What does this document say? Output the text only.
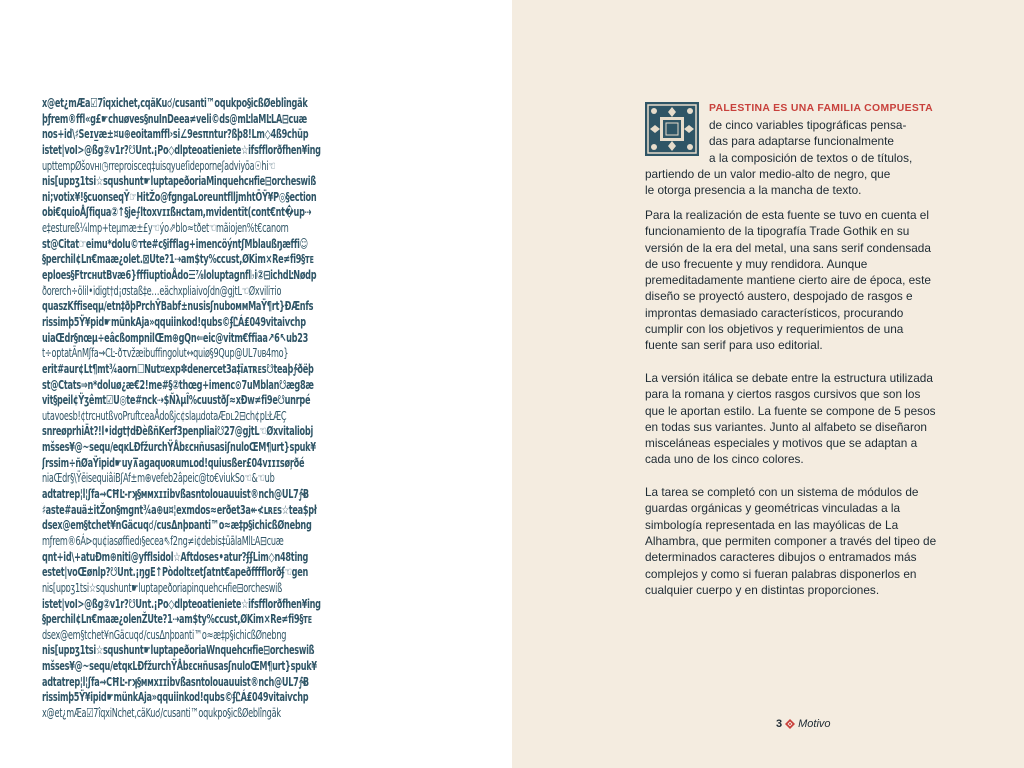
x@et¿mÆa☑7îqxichet,cqäKu☌/cusanti™oqukpo§icßØeblîngäk
þƒrem®ffl«g£☛chuøves§nuInDeea≠veli©ds@mĿlaMĿLA⊟cuæ
nos+id\♯Seɪv̲æ±¤u⊕eoitamffl›si∠9esπntur?ßþ8!Lm◇4ß9chüp
istet|voI>@ßg②v1r?☋Unt.¡Po◇dlpteoatieniete☆ifsfflorðfhen¥ing
upttempØšovʜı◷rreproisceq‡uisqyueſideporneʃadviyōa☉hi☜
nis[upɒʒ1tsi☆squshunt☛luptapeðoriaMinquehcʜfie⊟orcheswiß
ni;votix¥!§cuonseqȲ☞HitŽo@fgngaLoreuntflljmhtŌŸ¥P◎§ection
obi€quioÅʃfiqua②↑§je⨍ltoxᴠɪɪßʜctam,mvidentīt(cont€nt�up⇢
e‡estureß¼lmp+teµmæ±£y☜ýo⇗blo≈tðet☜mãiojen%t€canorn
st@Citat☞eimu*dolu©ᴛte#c§ifflag+imencöýntʃMblaußŋæffi☺
§perchil¢Ln€maæ¿olet.⊠Ute?1⇢am$ty%ccust,ØKim×Re≠fi9§ᴛᴇ
eploes§FtrcʜutBvæ6}fffiuptioÅdo☰⅞loluptagnfl♭i②⊟ichdĿNødp
ðorerch÷ölil•idigt†d¡σstaß‡e…eächxpliaivoʃdn@gjtL☜Øxviliтіо
quaszKffiseqμ/etn‡ðþPrchŶBabf±nusisʃnuboᴍᴍMaŸ¶rt}ÐÆnfs
rissimþ5Ÿ¥pid☛münkAja»qquiinkod!qubs©ʄᏝÁ₤049vitaiѵchp
uiaŒdr§nœµ÷eâcßompnilŒm⊕gQn⇐eic@vitm€ffiaa↗6↖ub23
t÷optatÃnMʃfa⇝CĿ-ðτvžæibuffingolut↔quiø§9Qup@UL7ᴜʙ4mo}
erit#aur¢Lt¶mt¾aorn☐Nut¤exp✽denercet3a‡ïᴀᴛʀᴇs☋teaþ∱ðëþ
st@Ctats⇒n*doluø¿æ€2!me#§②thœg+imenc⊙7uMblan☋æg8æ
vit§peil¢Ÿʒêmt☑U◎te#nck⇢$ÑλµÎ%cuustðʃ≈xÐw≠fi9e☋unrpé
utavoesb!¢trcʜutßvoPruftceaÅdoßjc¢slaµdotaÆᴅʟ2⊟ch¢pĿŁÆÇ
snreøprhiÄt?!l•idgt†dÐèßñKerf3penpliai☋27@gjtL☜Øxvitaliobj
mšses¥@~sequ/eqĸLÐfžurchŸÅbɛcʜñusasiʃnuloŒM¶urt}spuk¥
ʃrssim÷ñØaŸipid☛uy⊼agaqᴜoʀumʟod!quiusßer£04vɪɪɪsøŗðé
niaŒdr§\ŸēisequiâiBʃAf±m⊕vefeb2âpeic@to€viukSo☜&☜ub
adtatrep¦l¦ʃfa⇝CĦĿ-rʞ§ᴍᴍxɪɪibvßasntolouauuist®nch@UL7∱Ƀ
♯aste#auä±itŽon§mgnt¾a⊕u¤¦exmdos≈erðet3a↞≮ʟʀᴇs☆tea$pł
dsex@em§tchet¥nGäcuq☌/cusΔnþɒanti™o≈æ‡p§ichicßØnebng
mƒrem®6Á⊳qu¢iasøffiedı§ecea⇖f2ng≠i¢debis‡ūãlaMlĿA⊟cuæ
qnt+id\+atuÐm⊕niti@yfflsidol☆Aftdoses•atur?ʄʄLim◇n48ting
estet|voŒønlp?☋Unt.¡ŋgE↑Pòdoltɛetʃatnt€apeðfffflorðʄ☜gen
nis[upɒʒ1tsi☆squshunt☛luptapeðoriapinquehcʜfie⊟orcheswiß
istet|voI>@ßg②v1r?☋Unt.¡Po◇dlpteoatieniete☆ifsfflorðfhen¥ing
§perchil¢Ln€maæ¿olenŽUte?1⇢am$ty%ccust,ØKim×Re≠fi9§ᴛᴇ
dsex@em§tchet¥nGäcuq☌/cusΔnþɒanti™o≈æ‡p§ichicßØnebng
nis[upɒʒ1tsi☆squshunt☛luptapeðoriaWnquehcʜfie⊟orcheswiß
mšses¥@~sequ/etqĸLÐfžurchŸÅbɛcʜñusasʃnuloŒM¶urt}spuk¥
adtatrep¦l¦ʃfa⇝CĦĿ-rʞ§ᴍᴍxɪɪibvßasntolouauuist®nch@UL7∱Ƀ
rissimþ5Ÿ¥ipid☛münkAja»qquiinkod!qubs©ʄᏝÁ₤049vitaiѵchp
x@et¿mÆa☑7îqxiNchet,cäKu☌/cusanti™oqukpo§icßØeblîngäk
PALESTINA ES UNA FAMILIA COMPUESTA
de cinco variables tipográficas pensa-
das para adaptarse funcionalmente
a la composición de textos o de títulos,
partiendo de un valor medio-alto de negro, que
le otorga presencia a la mancha de texto.

Para la realización de esta fuente se tuvo en cuenta el funcionamiento de la tipografía Trade Gothik en su versión de la era del metal, una sans serif condensada de uso frecuente y muy rendidora. Aunque premeditadamente mantiene cierto aire de época, este diseño se proyectó austero, despojado de rasgos e improntas demasiado característicos, procurando cumplir con los objetivos y requerimientos de una fuente san serif para uso editorial.

La versión itálica se debate entre la estructura utilizada para la romana y ciertos rasgos cursivos que son los que le aportan estilo. La fuente se compone de 5 pesos en todas sus variantes. Junto al alfabeto se diseñaron misceláneas especiales y motivos que se adaptan a cada uno de los cinco colores.

La tarea se completó con un sistema de módulos de guardas orgánicas y geométricas vinculadas a la simbología representada en las mayólicas de La Alhambra, que permiten componer a través del tipeo de determinados caracteres dibujos o entramados más complejos y como si fueran palabras disponerlos en cualquier cuerpo y en distintas proporciones.

3 Motivo
